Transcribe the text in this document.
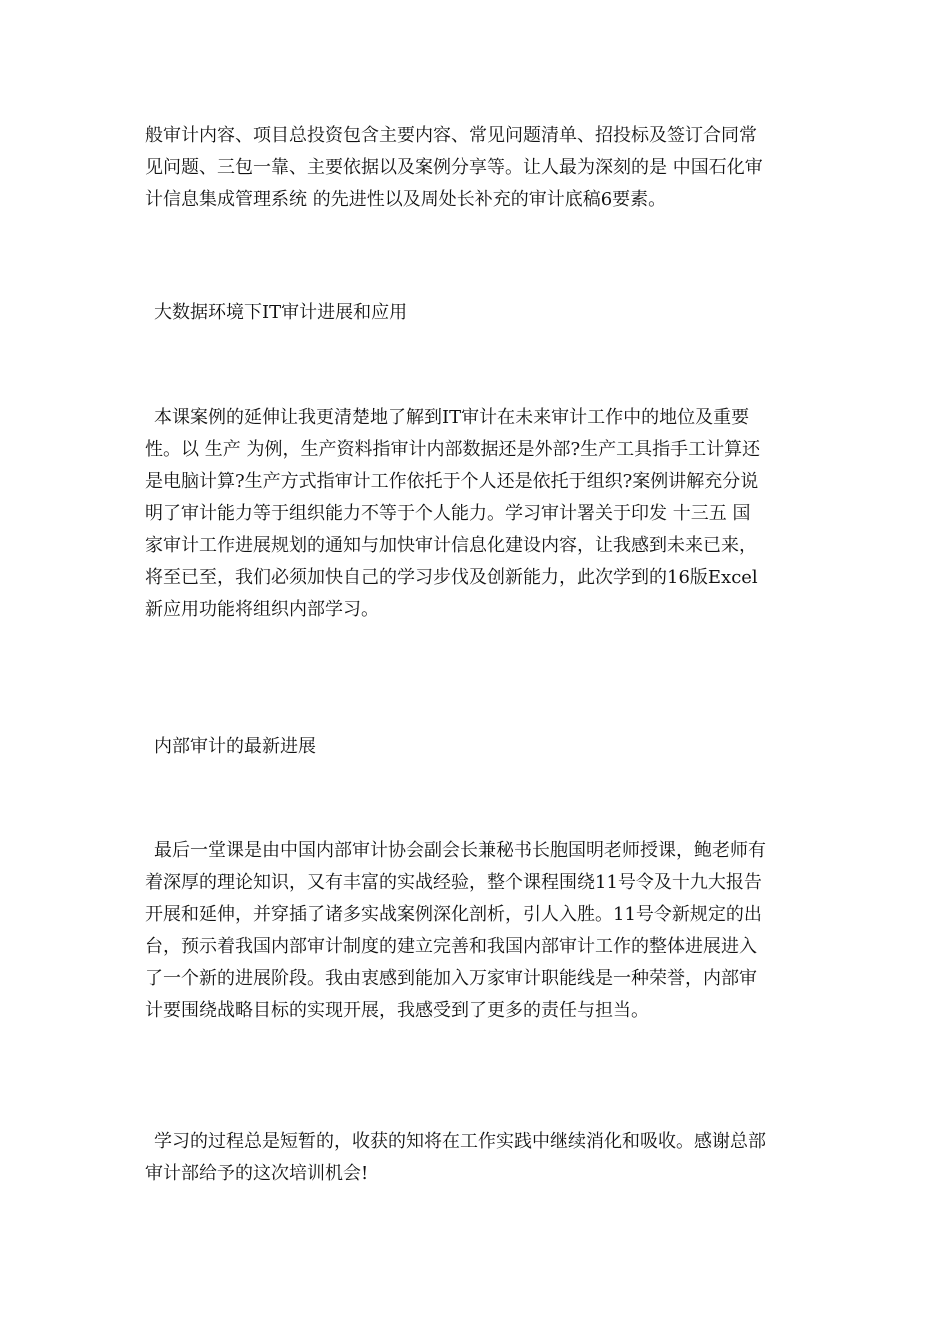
般审计内容、项目总投资包含主要内容、常见问题清单、招投标及签订合同常
见问题、三包一靠、主要依据以及案例分享等。让人最为深刻的是 中国石化审
计信息集成管理系统 的先进性以及周处长补充的审计底稿6要素。
大数据环境下IT审计进展和应用
本课案例的延伸让我更清楚地了解到IT审计在未来审计工作中的地位及重要
性。以 生产 为例，生产资料指审计内部数据还是外部?生产工具指手工计算还
是电脑计算?生产方式指审计工作依托于个人还是依托于组织?案例讲解充分说
明了审计能力等于组织能力不等于个人能力。学习审计署关于印发 十三五 国
家审计工作进展规划的通知与加快审计信息化建设内容，让我感到未来已来，
将至已至，我们必须加快自己的学习步伐及创新能力，此次学到的16版Excel
新应用功能将组织内部学习。
内部审计的最新进展
最后一堂课是由中国内部审计协会副会长兼秘书长胞国明老师授课，鲍老师有
着深厚的理论知识，又有丰富的实战经验，整个课程围绕11号令及十九大报告
开展和延伸，并穿插了诸多实战案例深化剖析，引人入胜。11号令新规定的出
台，预示着我国内部审计制度的建立完善和我国内部审计工作的整体进展进入
了一个新的进展阶段。我由衷感到能加入万家审计职能线是一种荣誉，内部审
计要围绕战略目标的实现开展，我感受到了更多的责任与担当。
学习的过程总是短暂的，收获的知将在工作实践中继续消化和吸收。感谢总部
审计部给予的这次培训机会!
